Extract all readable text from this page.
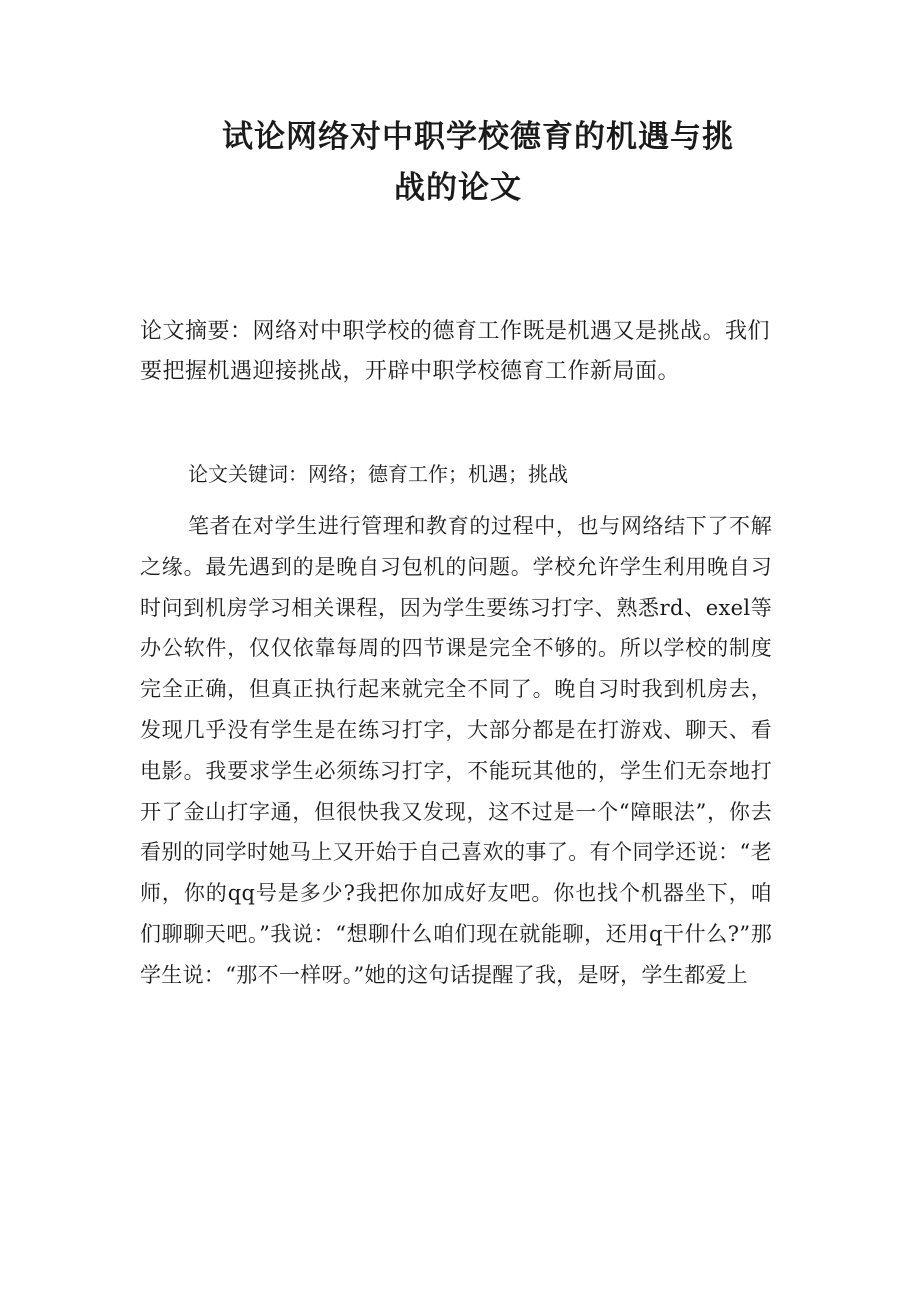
试论网络对中职学校德育的机遇与挑
战的论文

论文摘要：网络对中职学校的德育工作既是机遇又是挑战。我们要把握机遇迎接挑战，开辟中职学校德育工作新局面。

论文关键词：网络；德育工作；机遇；挑战

笔者在对学生进行管理和教育的过程中，也与网络结下了不解之缘。最先遇到的是晚自习包机的问题。学校允许学生利用晚自习时问到机房学习相关课程，因为学生要练习打字、熟悉rd、exel等办公软件，仅仅依靠每周的四节课是完全不够的。所以学校的制度完全正确，但真正执行起来就完全不同了。晚自习时我到机房去，发现几乎没有学生是在练习打字，大部分都是在打游戏、聊天、看电影。我要求学生必须练习打字，不能玩其他的，学生们无奈地打开了金山打字通，但很快我又发现，这不过是一个“障眼法”，你去看别的同学时她马上又开始于自己喜欢的事了。有个同学还说：“老师，你的qq号是多少?我把你加成好友吧。你也找个机器坐下，咱们聊聊天吧。”我说：“想聊什么咱们现在就能聊，还用q干什么?”那学生说：“那不一样呀。”她的这句话提醒了我，是呀，学生都爱上
